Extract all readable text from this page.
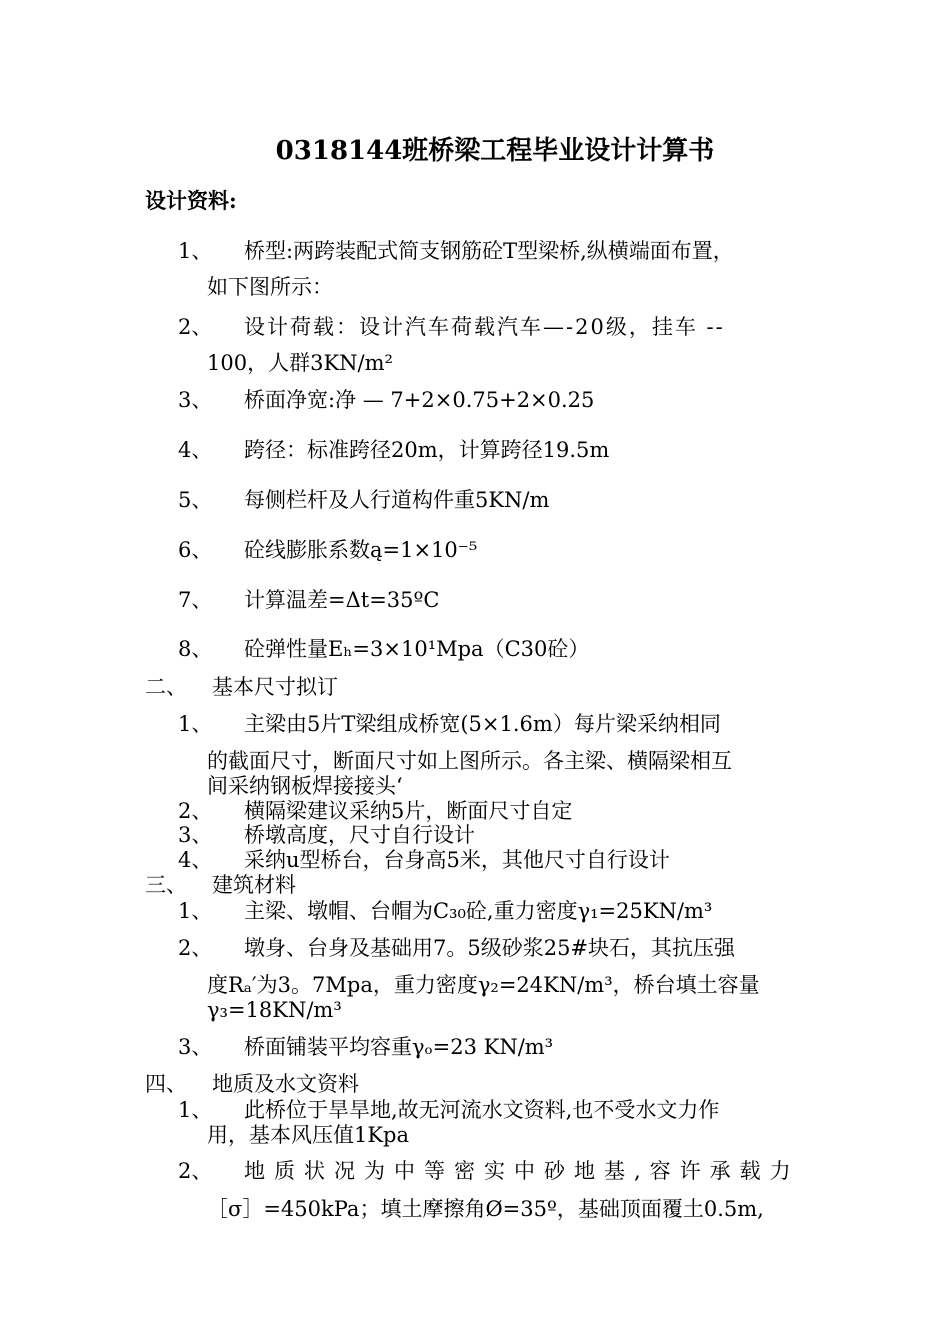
0318144班桥梁工程毕业设计计算书
设计资料:
1、 桥型:两跨装配式简支钢筋砼T型梁桥,纵横端面布置，
如下图所示：
2、 设计荷载：设计汽车荷载汽车—-20级，挂车 --
100，人群3KN/m²
3、 桥面净宽:净 — 7+2×0.75+2×0.25
4、 跨径：标准跨径20m，计算跨径19.5m
5、 每侧栏杆及人行道构件重5KN/m
6、 砼线膨胀系数ą=1×10⁻⁵
7、 计算温差=Δt=35ºC
8、 砼弹性量Eₕ=3×10¹Mpa（C30砼）
二、 基本尺寸拟订
1、 主梁由5片T梁组成桥宽(5×1.6m）每片梁采纳相同
的截面尺寸，断面尺寸如上图所示。各主梁、横隔梁相互
间采纳钢板焊接接头‘
2、 横隔梁建议采纳5片，断面尺寸自定
3、 桥墩高度，尺寸自行设计
4、 采纳u型桥台，台身高5米，其他尺寸自行设计
三、 建筑材料
1、 主梁、墩帽、台帽为C₃₀砼,重力密度γ₁=25KN/m³
2、 墩身、台身及基础用7。5级砂浆25#块石，其抗压强
度Rₐ′为3。7Mpa，重力密度γ₂=24KN/m³，桥台填土容量
γ₃=18KN/m³
3、 桥面铺装平均容重γₒ=23 KN/m³
四、 地质及水文资料
1、 此桥位于旱旱地,故无河流水文资料,也不受水文力作
用，基本风压值1Kpa
2、 地质状况为中等密实中砂地基,容许承载力
［σ］=450kPa；填土摩擦角Ø=35º，基础顶面覆土0.5m,
